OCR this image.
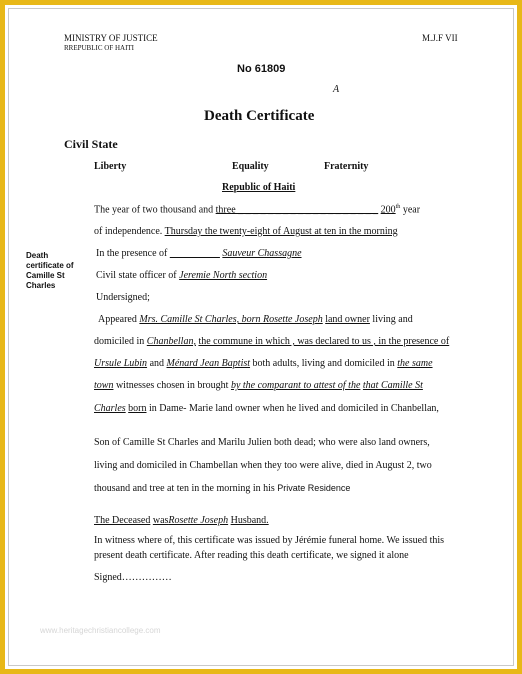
MINISTRY OF JUSTICE
RREPUBLIC OF HAITI
M.J.F VII
No 61809
A
Death Certificate
Civil State
Liberty	Equality	Fraternity
Republic of Haiti
Death
certificate of
Camille St
Charles
The year of two thousand and three _ _ _ _ _ _ _ _ _ _ _ _ _ _ _ _ _ _ _ 200th year
of independence. Thursday the twenty-eight of August at ten in the morning
In the presence of _ _ _ _ _ _ _ Sauveur Chassagne
Civil state officer of Jeremie North section
Undersigned;
Appeared Mrs. Camille St Charles, born Rosette Joseph land owner living and
domiciled in Chanbellan, the commune in which , was declared to us , in the presence of
Ursule Lubin and Ménard Jean Baptist both adults, living and domiciled in the same
town witnesses chosen in brought by the comparant to attest of the that Camille St
Charles born in Dame- Marie land owner when he lived and domiciled in Chanbellan,
Son of Camille St Charles and Marilu Julien both dead; who were also land owners,
living and domiciled in Chambellan when they too were alive, died in August 2, two
thousand and tree at ten in the morning in his Private Residence
The Deceased wasRosette Joseph Husband.
In witness where of, this certificate was issued by Jérémie funeral home. We issued this
present death certificate. After reading this death certificate, we signed it alone
Signed……………
www.heritagechristiancollege.com
